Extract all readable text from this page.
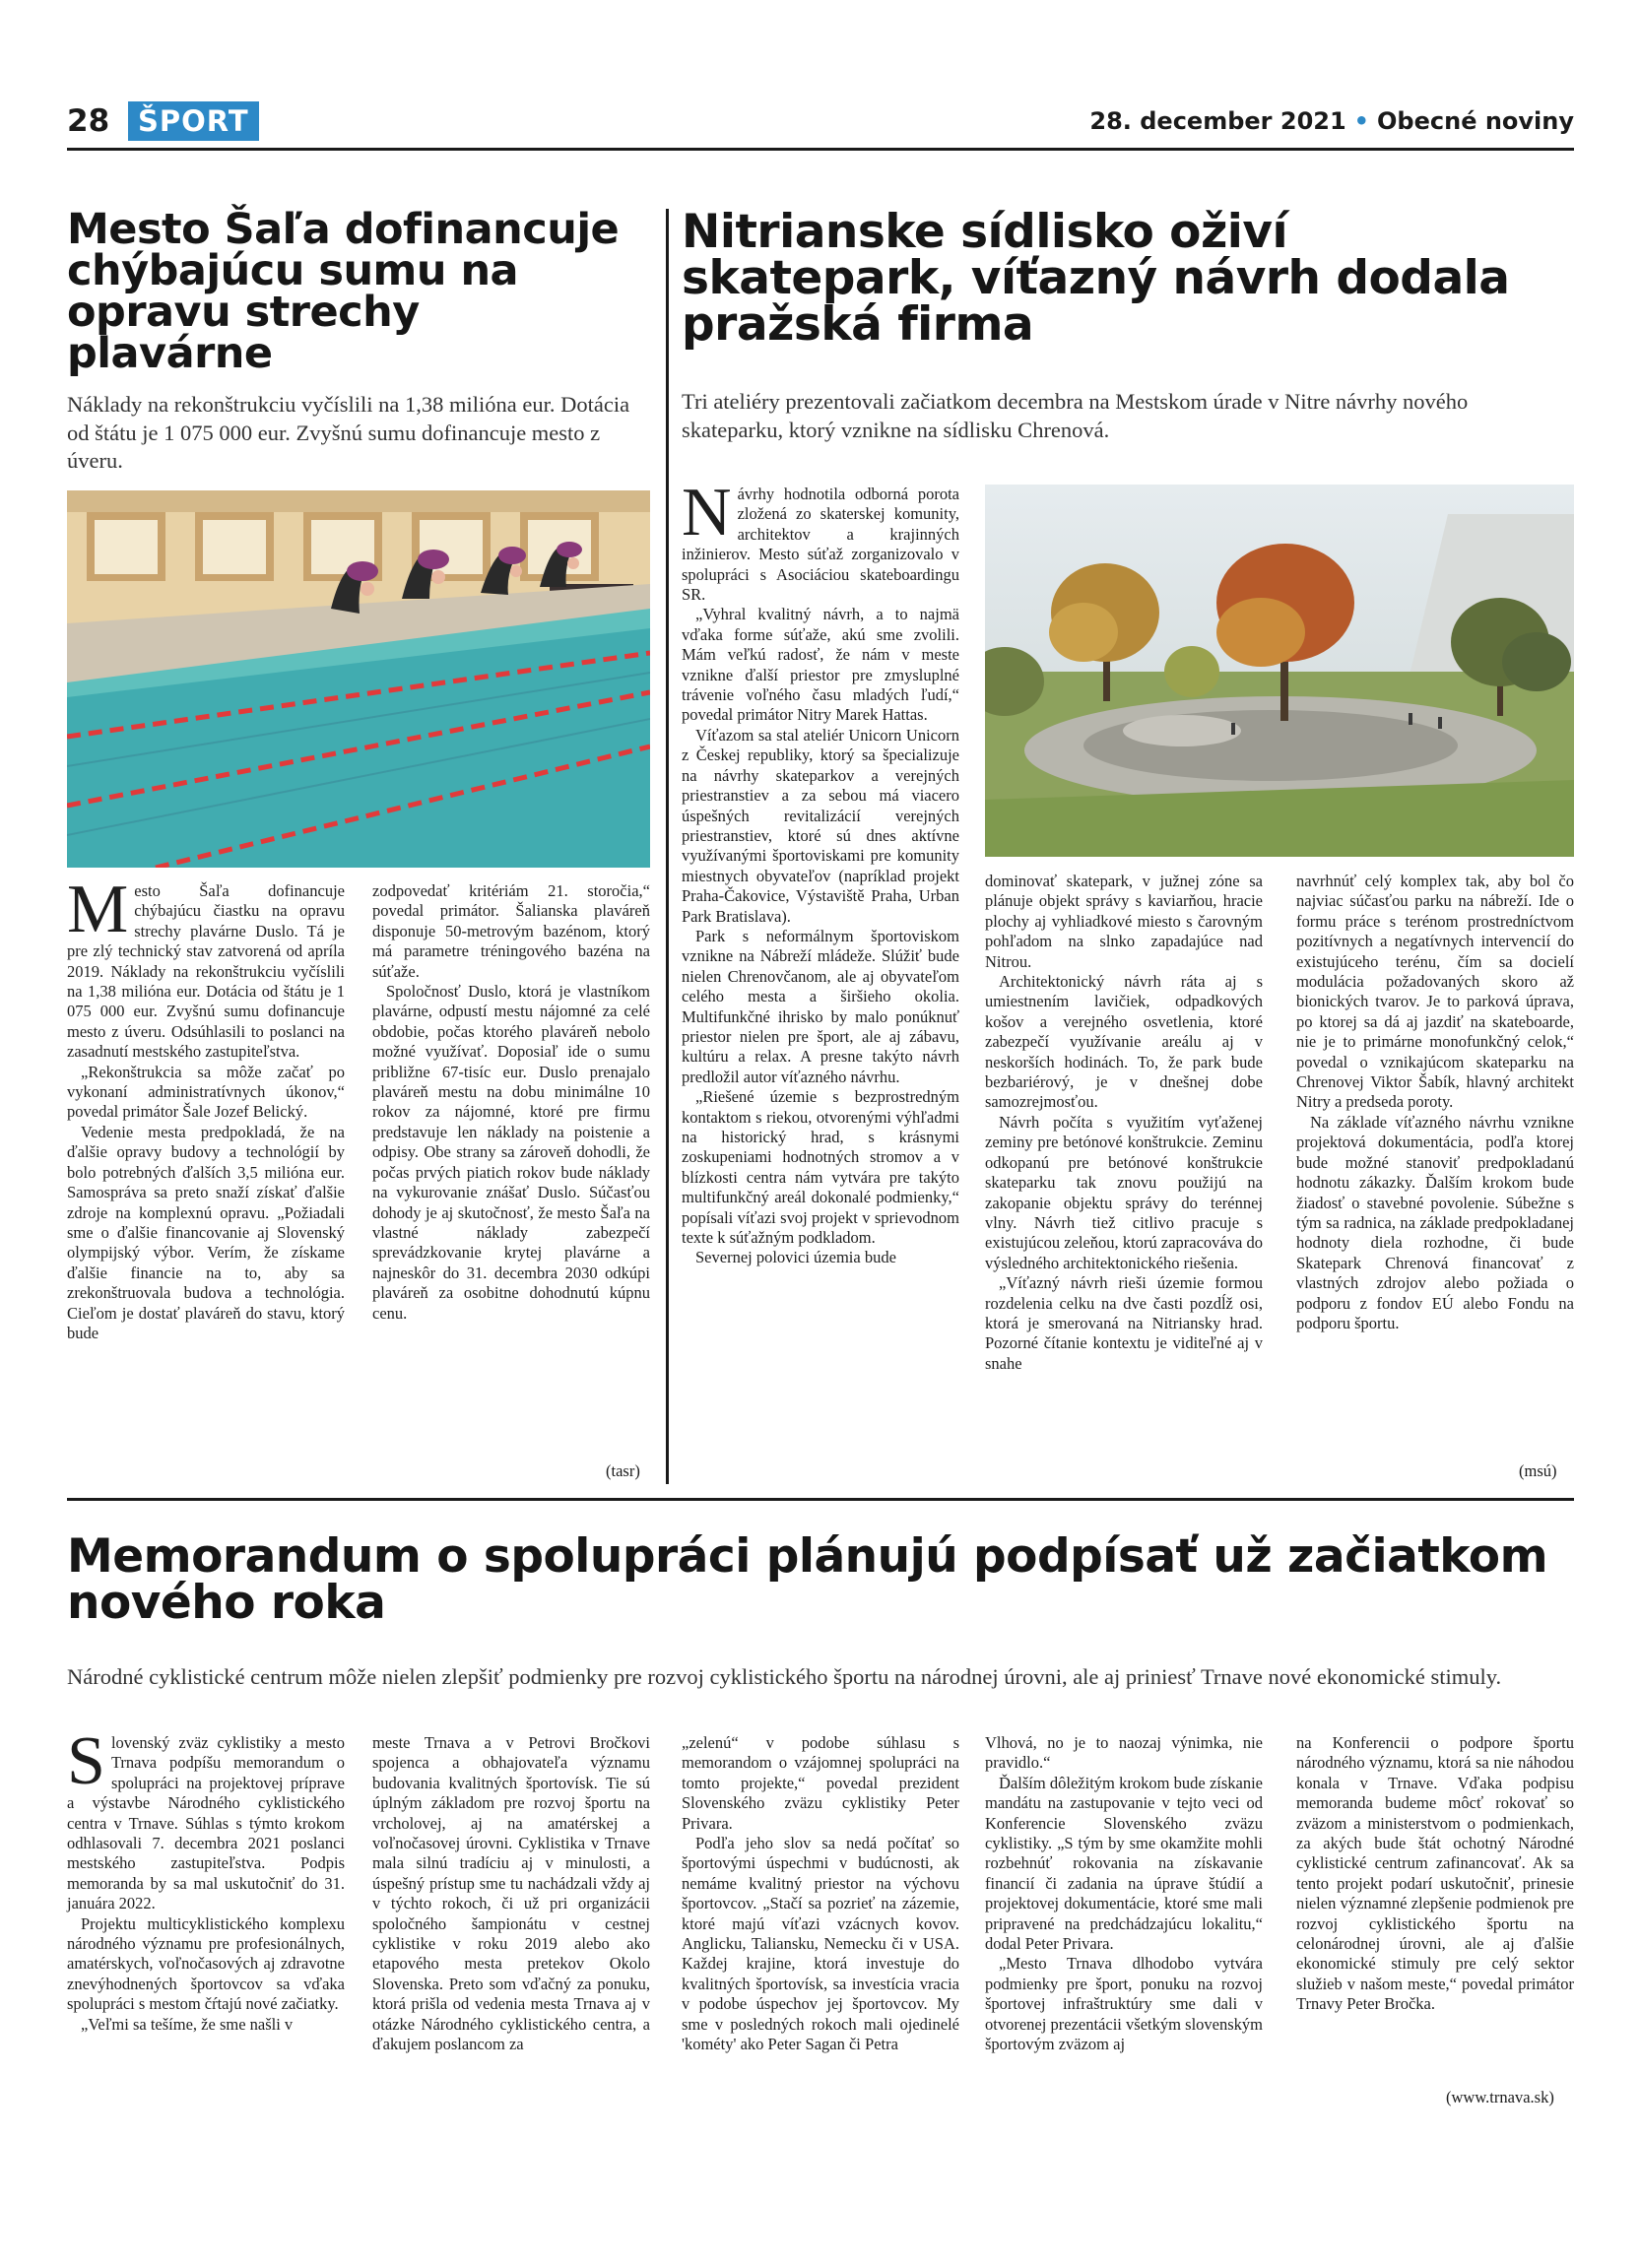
28 ŠPORT	28. december 2021 • Obecné noviny
Mesto Šaľa dofinancuje chýbajúcu sumu na opravu strechy plavárne

Náklady na rekonštrukciu vyčíslili na 1,38 milióna eur. Dotácia od štátu je 1 075 000 eur. Zvyšnú sumu dofinancuje mesto z úveru.

Mesto Šaľa dofinancuje chýbajúcu čiastku na opravu strechy plavárne Duslo. Tá je pre zlý technický stav zatvorená od apríla 2019. Náklady na rekonštrukciu vyčíslili na 1,38 milióna eur. Dotácia od štátu je 1 075 000 eur. Zvyšnú sumu dofinancuje mesto z úveru. Odsúhlasili to poslanci na zasadnutí mestského zastupiteľstva.

„Rekonštrukcia sa môže začať po vykonaní administratívnych úkonov,“ povedal primátor Šale Jozef Belický.

Vedenie mesta predpokladá, že na ďalšie opravy budovy a technológií by bolo potrebných ďalších 3,5 milióna eur. Samospráva sa preto snaží získať ďalšie zdroje na komplexnú opravu. „Požiadali sme o ďalšie financovanie aj Slovenský olympijský výbor. Verím, že získame ďalšie financie na to, aby sa zrekonštruovala budova a technológia. Cieľom je dostať plaváreň do stavu, ktorý bude

zodpovedať kritériám 21. storočia,“ povedal primátor. Šalianska plaváreň disponuje 50-metrovým bazénom, ktorý má parametre tréningového bazéna na súťaže.

Spoločnosť Duslo, ktorá je vlastníkom plavárne, odpustí mestu nájomné za celé obdobie, počas ktorého plaváreň nebolo možné využívať. Doposiaľ ide o sumu približne 67-tisíc eur. Duslo prenajalo plaváreň mestu na dobu minimálne 10 rokov za nájomné, ktoré pre firmu predstavuje len náklady na poistenie a odpisy. Obe strany sa zároveň dohodli, že počas prvých piatich rokov bude náklady na vykurovanie znášať Duslo. Súčasťou dohody je aj skutočnosť, že mesto Šaľa na vlastné náklady zabezpečí sprevádzkovanie krytej plavárne a najneskôr do 31. decembra 2030 odkúpi plaváreň za osobitne dohodnutú kúpnu cenu.

(tasr)
Nitrianske sídlisko oživí skatepark, víťazný návrh dodala pražská firma

Tri ateliéry prezentovali začiatkom decembra na Mestskom úrade v Nitre návrhy nového skateparku, ktorý vznikne na sídlisku Chrenová.

Návrhy hodnotila odborná porota zložená zo skaterskej komunity, architektov a krajinných inžinierov. Mesto súťaž zorganizovalo v spolupráci s Asociáciou skateboardingu SR.

„Vyhral kvalitný návrh, a to najmä vďaka forme súťaže, akú sme zvolili. Mám veľkú radosť, že nám v meste vznikne ďalší priestor pre zmysluplné trávenie voľného času mladých ľudí,“ povedal primátor Nitry Marek Hattas.

Víťazom sa stal ateliér Unicorn Unicorn z Českej republiky, ktorý sa špecializuje na návrhy skateparkov a verejných priestranstiev a za sebou má viacero úspešných revitalizácií verejných priestranstiev, ktoré sú dnes aktívne využívanými športoviskami pre komunity miestnych obyvateľov (napríklad projekt Praha-Čakovice, Výstaviště Praha, Urban Park Bratislava).

Park s neformálnym športoviskom vznikne na Nábreží mládeže. Slúžiť bude nielen Chrenovčanom, ale aj obyvateľom celého mesta a širšieho okolia. Multifunkčné ihrisko by malo ponúknuť priestor nielen pre šport, ale aj zábavu, kultúru a relax. A presne takýto návrh predložil autor víťazného návrhu.

„Riešené územie s bezprostredným kontaktom s riekou, otvorenými výhľadmi na historický hrad, s krásnymi zoskupeniami hodnotných stromov a v blízkosti centra nám vytvára pre takýto multifunkčný areál dokonalé podmienky,“ popísali víťazi svoj projekt v sprievodnom texte k súťažným podkladom.

Severnej polovici územia bude

dominovať skatepark, v južnej zóne sa plánuje objekt správy s kaviarňou, hracie plochy aj vyhliadkové miesto s čarovným pohľadom na slnko zapadajúce nad Nitrou.

Architektonický návrh ráta aj s umiestnením lavičiek, odpadkových košov a verejného osvetlenia, ktoré zabezpečí využívanie areálu aj v neskorších hodinách. To, že park bude bezbariérový, je v dnešnej dobe samozrejmosťou.

Návrh počíta s využitím vyťaženej zeminy pre betónové konštrukcie. Zeminu odkopanú pre betónové konštrukcie skateparku tak znovu použijú na zakopanie objektu správy do terénnej vlny. Návrh tiež citlivo pracuje s existujúcou zeleňou, ktorú zapracováva do výsledného architektonického riešenia.

„Víťazný návrh rieši územie formou rozdelenia celku na dve časti pozdĺž osi, ktorá je smerovaná na Nitriansky hrad. Pozorné čítanie kontextu je viditeľné aj v snahe

navrhnúť celý komplex tak, aby bol čo najviac súčasťou parku na nábreží. Ide o formu práce s terénom prostredníctvom pozitívnych a negatívnych intervencií do existujúceho terénu, čím sa docielí modulácia požadovaných skoro až bionických tvarov. Je to parková úprava, po ktorej sa dá aj jazdiť na skateboarde, nie je to primárne monofunkčný celok,“ povedal o vznikajúcom skateparku na Chrenovej Viktor Šabík, hlavný architekt Nitry a predseda poroty.

Na základe víťazného návrhu vznikne projektová dokumentácia, podľa ktorej bude možné stanoviť predpokladanú hodnotu zákazky. Ďalším krokom bude žiadosť o stavebné povolenie. Súbežne s tým sa radnica, na základe predpokladanej hodnoty diela rozhodne, či bude Skatepark Chrenová financovať z vlastných zdrojov alebo požiada o podporu z fondov EÚ alebo Fondu na podporu športu.

(msú)
Memorandum o spolupráci plánujú podpísať už začiatkom nového roka

Národné cyklistické centrum môže nielen zlepšiť podmienky pre rozvoj cyklistického športu na národnej úrovni, ale aj priniesť Trnave nové ekonomické stimuly.

Slovenský zväz cyklistiky a mesto Trnava podpíšu memorandum o spolupráci na projektovej príprave a výstavbe Národného cyklistického centra v Trnave. Súhlas s týmto krokom odhlasovali 7. decembra 2021 poslanci mestského zastupiteľstva. Podpis memoranda by sa mal uskutočniť do 31. januára 2022.

Projektu multicyklistického komplexu národného významu pre profesionálnych, amatérskych, voľnočasových aj zdravotne znevýhodnených športovcov sa vďaka spolupráci s mestom čŕtajú nové začiatky.

„Veľmi sa tešíme, že sme našli v

meste Trnava a v Petrovi Bročkovi spojenca a obhajovateľa významu budovania kvalitných športovísk. Tie sú úplným základom pre rozvoj športu na vrcholovej, aj na amatérskej a voľnočasovej úrovni. Cyklistika v Trnave mala silnú tradíciu aj v minulosti, a úspešný prístup sme tu nachádzali vždy aj v týchto rokoch, či už pri organizácii spoločného šampionátu v cestnej cyklistike v roku 2019 alebo ako etapového mesta pretekov Okolo Slovenska. Preto som vďačný za ponuku, ktorá prišla od vedenia mesta Trnava aj v otázke Národného cyklistického centra, a ďakujem poslancom za

„zelenú“ v podobe súhlasu s memorandom o vzájomnej spolupráci na tomto projekte,“ povedal prezident Slovenského zväzu cyklistiky Peter Privara.

Podľa jeho slov sa nedá počítať so športovými úspechmi v budúcnosti, ak nemáme kvalitný priestor na výchovu športovcov. „Stačí sa pozrieť na zázemie, ktoré majú víťazi vzácnych kovov. Anglicku, Taliansku, Nemecku či v USA. Každej krajine, ktorá investuje do kvalitných športovísk, sa investícia vracia v podobe úspechov jej športovcov. My sme v posledných rokoch mali ojedinelé 'kométy' ako Peter Sagan či Petra

Vlhová, no je to naozaj výnimka, nie pravidlo.“

Ďalším dôležitým krokom bude získanie mandátu na zastupovanie v tejto veci od Konferencie Slovenského zväzu cyklistiky. „S tým by sme okamžite mohli rozbehnúť rokovania na získavanie financií či zadania na úprave štúdií a projektovej dokumentácie, ktoré sme mali pripravené na predchádzajúcu lokalitu,“ dodal Peter Privara.

„Mesto Trnava dlhodobo vytvára podmienky pre šport, ponuku na rozvoj športovej infraštruktúry sme dali v otvorenej prezentácii všetkým slovenským športovým zväzom aj

na Konferencii o podpore športu národného významu, ktorá sa nie náhodou konala v Trnave. Vďaka podpisu memoranda budeme môcť rokovať so zväzom a ministerstvom o podmienkach, za akých bude štát ochotný Národné cyklistické centrum zafinancovať. Ak sa tento projekt podarí uskutočniť, prinesie nielen významné zlepšenie podmienok pre rozvoj cyklistického športu na celonárodnej úrovni, ale aj ďalšie ekonomické stimuly pre celý sektor služieb v našom meste,“ povedal primátor Trnavy Peter Bročka.

(www.trnava.sk)
